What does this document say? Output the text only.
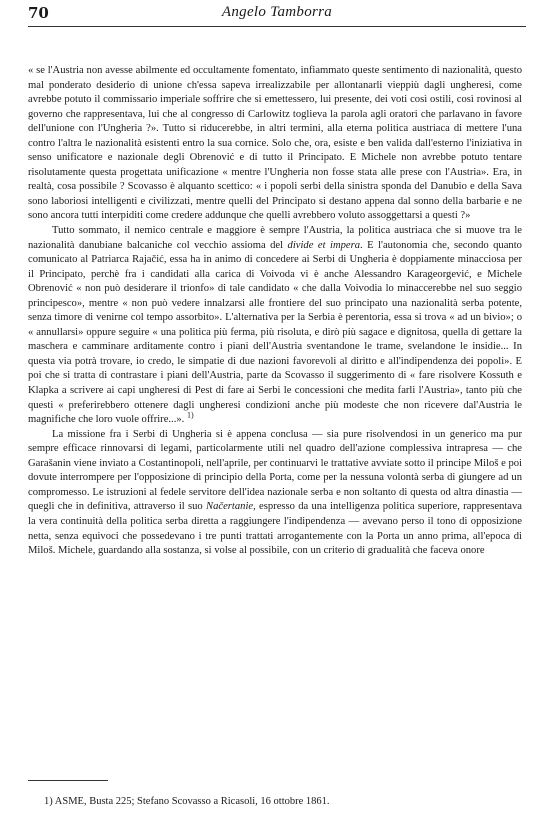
70	Angelo Tamborra

« se l'Austria non avesse abilmente ed occultamente fomentato, infiammato queste sentimento di nazionalità, questo mal ponderato desiderio di unione ch'essa sapeva irrealizzabile per allontanarli vieppiù dagli ungheresi, come avrebbe potuto il commissario imperiale soffrire che si emettessero, lui presente, dei voti così ostili, così rovinosi al governo che rappresentava, lui che al congresso di Carlowitz toglieva la parola agli oratori che parlavano in favore dell'unione con l'Ungheria ?». Tutto si riducerebbe, in altri termini, alla eterna politica austriaca di mettere l'una contro l'altra le nazionalità esistenti entro la sua cornice. Solo che, ora, esiste e ben valida dall'esterno l'iniziativa in senso unificatore e nazionale degli Obrenović e di tutto il Principato. E Michele non avrebbe potuto tentare risolutamente questa progettata unificazione « mentre l'Ungheria non fosse stata alle prese con l'Austria». Era, in realtà, cosa possibile ? Scovasso è alquanto scettico: « i popoli serbi della sinistra sponda del Danubio e della Sava sono laboriosi intelligenti e civilizzati, mentre quelli del Principato si destano appena dal sonno della barbarie e ne sono ancora tutti interpiditi come credere addunque che quelli avrebbero voluto assoggettarsi a questi ?»

Tutto sommato, il nemico centrale e maggiore è sempre l'Austria, la politica austriaca che si muove tra le nazionalità danubiane balcaniche col vecchio assioma del divide et impera. E l'autonomia che, secondo quanto comunicato al Patriarca Rajačić, essa ha in animo di concedere ai Serbi di Ungheria è doppiamente minacciosa per il Principato, perchè fra i candidati alla carica di Voivoda vi è anche Alessandro Karageorgević, e Michele Obrenović « non può desiderare il trionfo» di tale candidato « che dalla Voivodia lo minaccerebbe nel suo seggio principesco», mentre « non può vedere innalzarsi alle frontiere del suo principato una nazionalità serba potente, senza timore di venirne col tempo assorbito». L'alternativa per la Serbia è perentoria, essa si trova « ad un bivio»; o « annullarsi» oppure seguire « una politica più ferma, più risoluta, e dirò più sagace e dignitosa, quella di gettare la maschera e camminare arditamente contro i piani dell'Austria sventandone le trame, svelandone le insidie... In questa via potrà trovare, io credo, le simpatie di due nazioni favorevoli al diritto e all'indipendenza dei popoli». E poi che si tratta di contrastare i piani dell'Austria, parte da Scovasso il suggerimento di « fare risolvere Kossuth e Klapka a scrivere ai capi ungheresi di Pest di fare ai Serbi le concessioni che medita farli l'Austria», tanto più che questi « preferirebbero ottenere dagli ungheresi condizioni anche più modeste che non ricevere dal'Austria le magnifiche che loro vuole offrire...». $^{1)}$

La missione fra i Serbi di Ungheria si è appena conclusa — sia pure risolvendosi in un generico ma pur sempre efficace rinnovarsi di legami, particolarmente utili nel quadro dell'azione complessiva intrapresa — che Garašanin viene inviato a Costantinopoli, nell'aprile, per continuarvi le trattative avviate sotto il principe Miloš e poi dovute interrompere per l'opposizione di principio della Porta, come per la nessuna volontà serba di giungere ad un compromesso. Le istruzioni al fedele servitore dell'idea nazionale serba e non soltanto di questa od altra dinastia — quegli che in definitiva, attraverso il suo Načertanie, espresso da una intelligenza politica superiore, rappresentava la vera continuità della politica serba diretta a raggiungere l'indipendenza — avevano perso il tono di opposizione netta, senza equivoci che possedevano i tre punti trattati arrogantemente con la Porta un anno prima, all'epoca di Miloš. Michele, guardando alla sostanza, si volse al possibile, con un criterio di gradualità che faceva onore

1) ASME, Busta 225; Stefano Scovasso a Ricasoli, 16 ottobre 1861.
